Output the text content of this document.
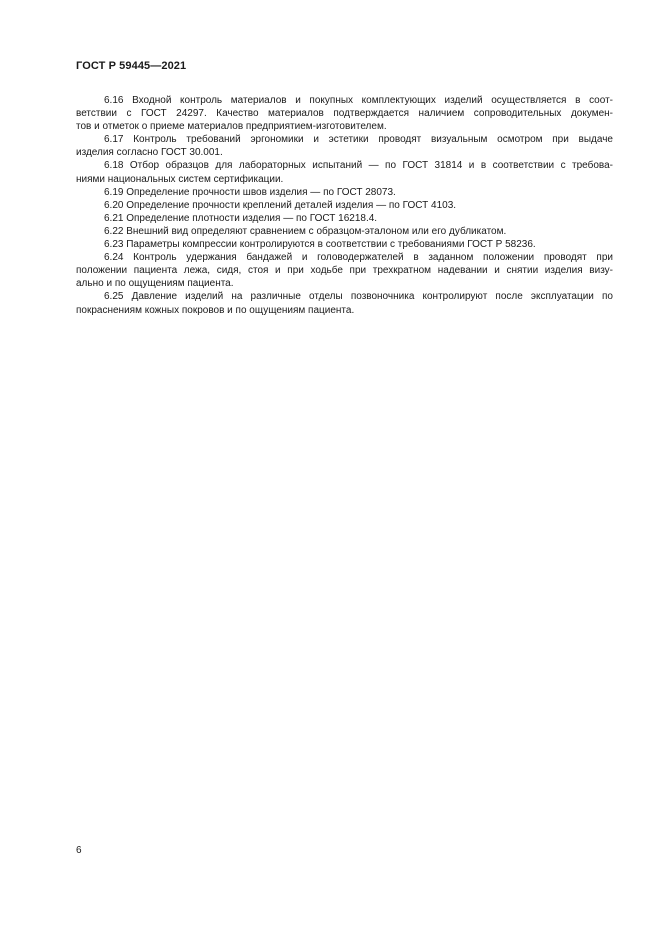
ГОСТ Р 59445—2021

6.16 Входной контроль материалов и покупных комплектующих изделий осуществляется в соот-
ветствии с ГОСТ 24297. Качество материалов подтверждается наличием сопроводительных докумен-
тов и отметок о приеме материалов предприятием-изготовителем.

6.17 Контроль требований эргономики и эстетики проводят визуальным осмотром при выдаче
изделия согласно ГОСТ 30.001.

6.18 Отбор образцов для лабораторных испытаний — по ГОСТ 31814 и в соответствии с требова-
ниями национальных систем сертификации.

6.19 Определение прочности швов изделия — по ГОСТ 28073.

6.20 Определение прочности креплений деталей изделия — по ГОСТ 4103.

6.21 Определение плотности изделия — по ГОСТ 16218.4.

6.22 Внешний вид определяют сравнением с образцом-эталоном или его дубликатом.

6.23 Параметры компрессии контролируются в соответствии с требованиями ГОСТ Р 58236.

6.24 Контроль удержания бандажей и головодержателей в заданном положении проводят при
положении пациента лежа, сидя, стоя и при ходьбе при трехкратном надевании и снятии изделия визу-
ально и по ощущениям пациента.

6.25 Давление изделий на различные отделы позвоночника контролируют после эксплуатации по
покраснениям кожных покровов и по ощущениям пациента.

6
